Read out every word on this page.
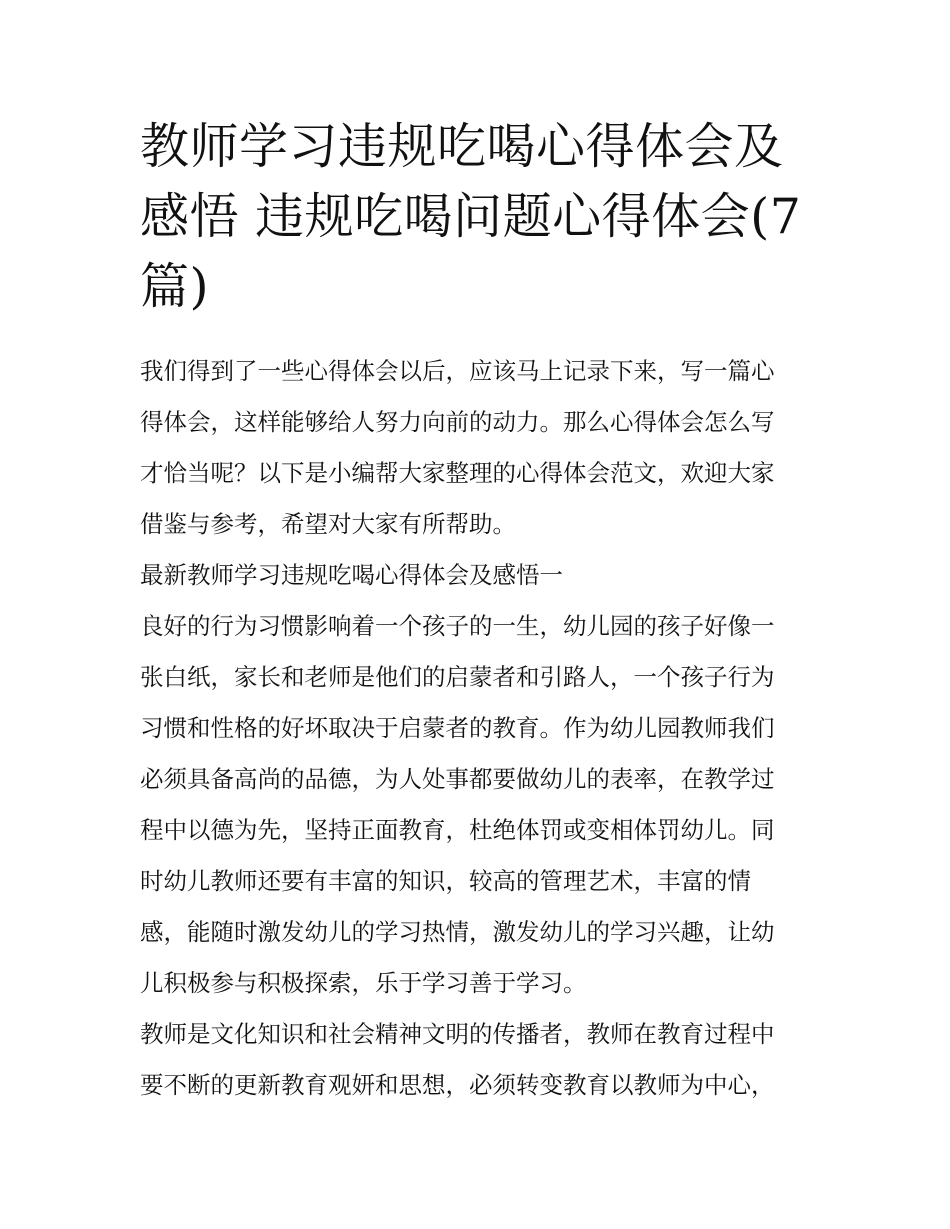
教师学习违规吃喝心得体会及
感悟 违规吃喝问题心得体会(7
篇)

我们得到了一些心得体会以后，应该马上记录下来，写一篇心
得体会，这样能够给人努力向前的动力。那么心得体会怎么写
才恰当呢？以下是小编帮大家整理的心得体会范文，欢迎大家
借鉴与参考，希望对大家有所帮助。

最新教师学习违规吃喝心得体会及感悟一

良好的行为习惯影响着一个孩子的一生，幼儿园的孩子好像一
张白纸，家长和老师是他们的启蒙者和引路人，一个孩子行为
习惯和性格的好坏取决于启蒙者的教育。作为幼儿园教师我们
必须具备高尚的品德，为人处事都要做幼儿的表率，在教学过
程中以德为先，坚持正面教育，杜绝体罚或变相体罚幼儿。同
时幼儿教师还要有丰富的知识，较高的管理艺术，丰富的情
感，能随时激发幼儿的学习热情，激发幼儿的学习兴趣，让幼
儿积极参与积极探索，乐于学习善于学习。

教师是文化知识和社会精神文明的传播者，教师在教育过程中
要不断的更新教育观妍和思想，必须转变教育以教师为中心，
